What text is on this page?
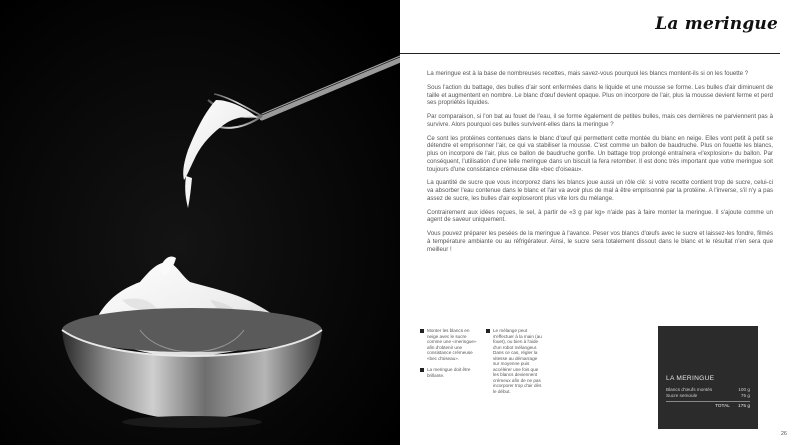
La meringue

La meringue est à la base de nombreuses recettes, mais savez-vous pourquoi les blancs montent-ils si on les fouette ?

Sous l'action du battage, des bulles d'air sont enfermées dans le liquide et une mousse se forme. Les bulles d'air diminuent de taille et augmentent en nombre. Le blanc d'œuf devient opaque. Plus on incorpore de l'air, plus la mousse devient ferme et perd ses propriétés liquides.

Par comparaison, si l'on bat au fouet de l'eau, il se forme également de petites bulles, mais ces dernières ne parviennent pas à survivre. Alors pourquoi ces bulles survivent-elles dans la meringue ?

Ce sont les protéines contenues dans le blanc d'œuf qui permettent cette montée du blanc en neige. Elles vont petit à petit se détendre et emprisonner l'air, ce qui va stabiliser la mousse. C'est comme un ballon de baudruche. Plus on fouette les blancs, plus on incorpore de l'air, plus ce ballon de baudruche gonfle. Un battage trop prolongé entraînera «l'explosion» du ballon. Par conséquent, l'utilisation d'une telle meringue dans un biscuit la fera retomber. Il est donc très important que votre meringue soit toujours d'une consistance crémeuse dite «bec d'oiseau».

La quantité de sucre que vous incorporez dans les blancs joue aussi un rôle clé: si votre recette contient trop de sucre, celui-ci va absorber l'eau contenue dans le blanc et l'air va avoir plus de mal à être emprisonné par la protéine. A l'inverse, s'il n'y a pas assez de sucre, les bulles d'air exploseront plus vite lors du mélange.

Contrairement aux idées reçues, le sel, à partir de «3 g par kg» n'aide pas à faire monter la meringue. Il s'ajoute comme un agent de saveur uniquement.

Vous pouvez préparer les pesées de la meringue à l'avance. Peser vos blancs d'œufs avec le sucre et laissez-les fondre, filmés à température ambiante ou au réfrigérateur. Ainsi, le sucre sera totalement dissout dans le blanc et le résultat n'en sera que meilleur !

Monter les blancs en neige avec le sucre comme une «meringue» afin d'obtenir une consistance crémeuse «bec d'oiseau».
La meringue doit être brillante.
Le mélange peut s'effectuer à la main (au fouet), ou bien à l'aide d'un robot mélangeur. Dans ce cas, régler la vitesse au démarrage sur moyenne puis accélérer une fois que les blancs deviennent crémeux afin de ne pas incorporer trop d'air dès le début.
LA MERINGUE
Blancs d'œufs montés	100 g
Sucre semoule	75 g
TOTAL 175 g
26
